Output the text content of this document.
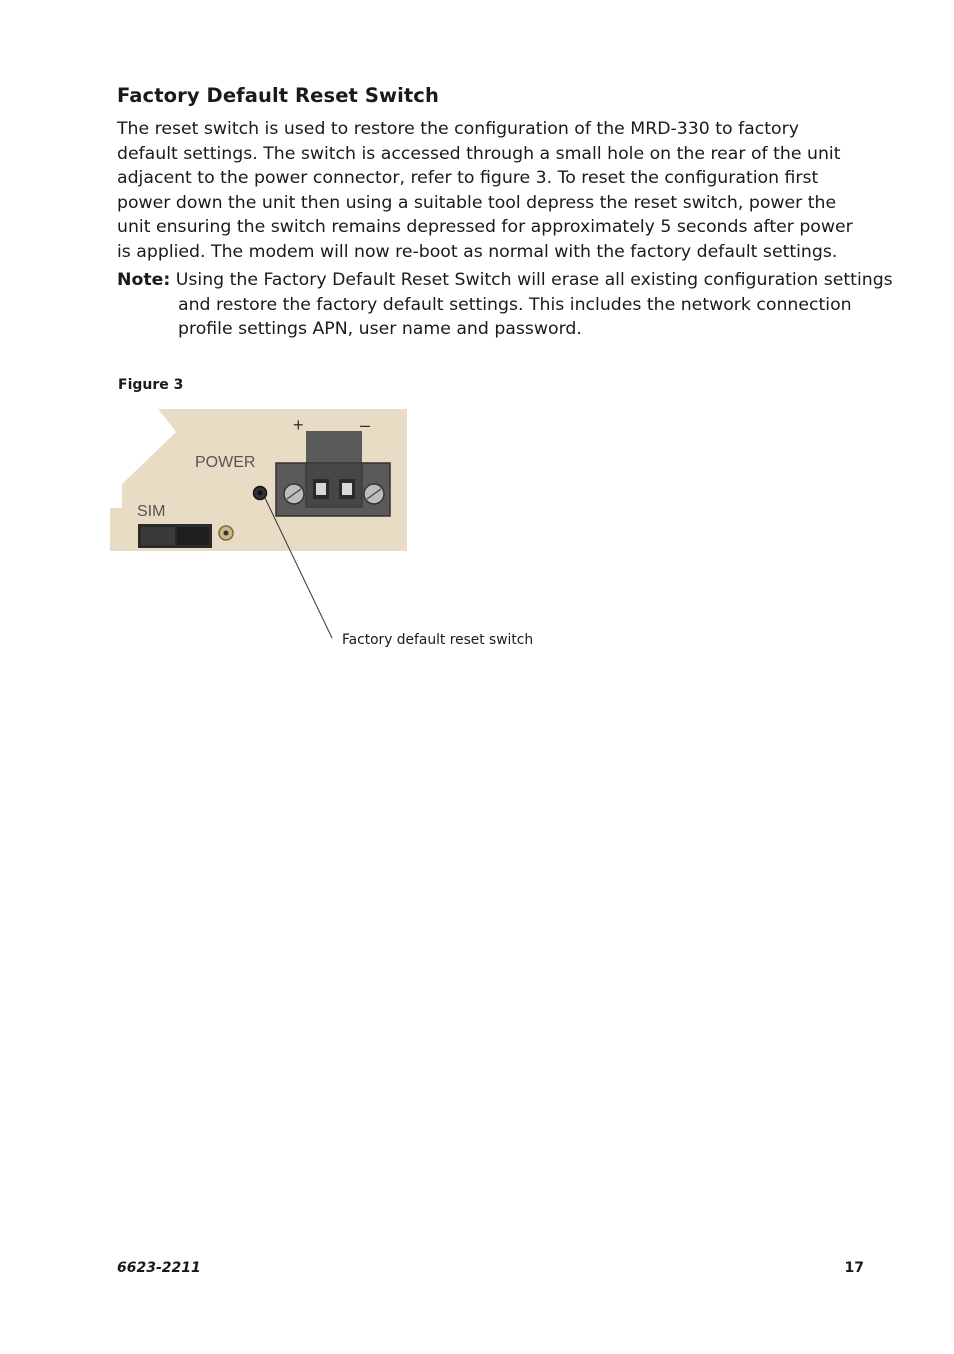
Factory Default Reset Switch

The reset switch is used to restore the configuration of the MRD-330 to factory default settings. The switch is accessed through a small hole on the rear of the unit adjacent to the power connector, refer to figure 3. To reset the configuration first power down the unit then using a suitable tool depress the reset switch, power the unit ensuring the switch remains depressed for approximately 5 seconds after power is applied. The modem will now re-boot as normal with the factory default settings.

Note: Using the Factory Default Reset Switch will erase all existing configuration settings and restore the factory default settings. This includes the network connection profile settings APN, user name and password.

Figure 3

POWER
SIM
+	–

Factory default reset switch

6623-2211	17
